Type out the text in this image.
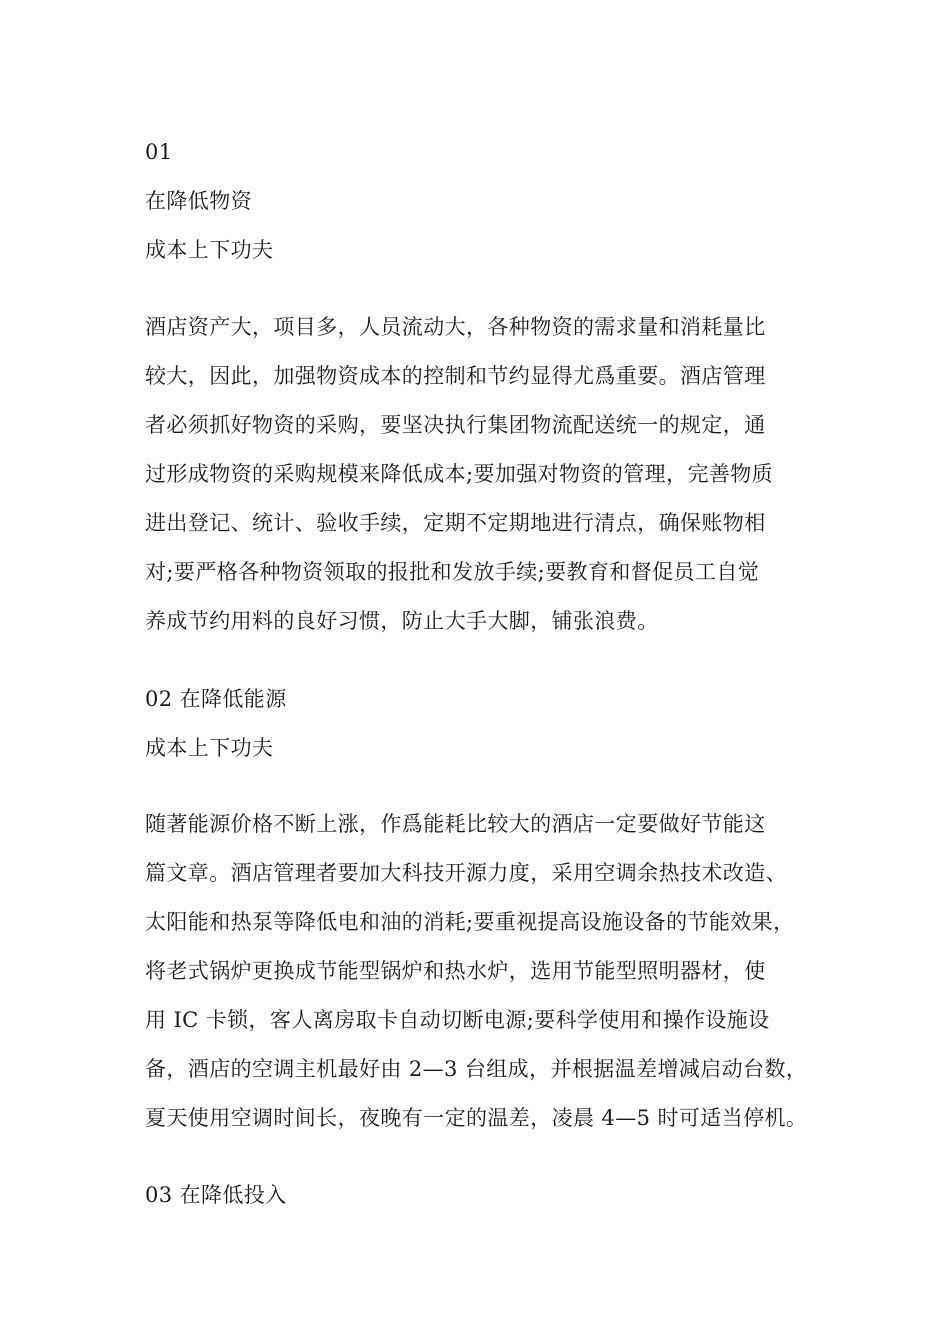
01
在降低物资
成本上下功夫
酒店资产大，项目多，人员流动大，各种物资的需求量和消耗量比
较大，因此，加强物资成本的控制和节约显得尤爲重要。酒店管理
者必须抓好物资的采购，要坚决执行集团物流配送统一的规定，通
过形成物资的采购规模来降低成本;要加强对物资的管理，完善物质
进出登记、统计、验收手续，定期不定期地进行清点，确保账物相
对;要严格各种物资领取的报批和发放手续;要教育和督促员工自觉
养成节约用料的良好习惯，防止大手大脚，铺张浪费。
02 在降低能源
成本上下功夫
随著能源价格不断上涨，作爲能耗比较大的酒店一定要做好节能这
篇文章。酒店管理者要加大科技开源力度，采用空调余热技术改造、
太阳能和热泵等降低电和油的消耗;要重视提高设施设备的节能效果，
将老式锅炉更换成节能型锅炉和热水炉，选用节能型照明器材，使
用 IC 卡锁，客人离房取卡自动切断电源;要科学使用和操作设施设
备，酒店的空调主机最好由 2—3 台组成，并根据温差增减启动台数，
夏天使用空调时间长，夜晚有一定的温差，凌晨 4—5 时可适当停机。
03 在降低投入
